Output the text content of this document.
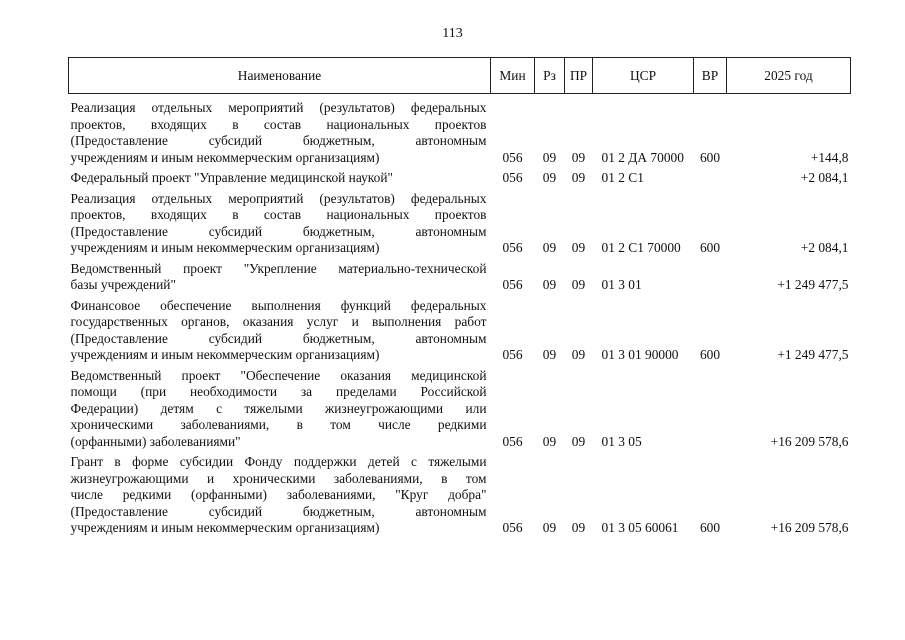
113
Наименование	Мин	Рз	ПР	ЦСР	ВР	2025 год

Реализация отдельных мероприятий (результатов) федеральных
проектов, входящих в состав национальных проектов
(Предоставление субсидий бюджетным, автономным
учреждениям и иным некоммерческим организациям)	056	09	09	01 2 ДА 70000	600	+144,8

Федеральный проект "Управление медицинской наукой"	056	09	09	01 2 С1		+2 084,1

Реализация отдельных мероприятий (результатов) федеральных
проектов, входящих в состав национальных проектов
(Предоставление субсидий бюджетным, автономным
учреждениям и иным некоммерческим организациям)	056	09	09	01 2 С1 70000	600	+2 084,1

Ведомственный проект "Укрепление материально-технической
базы учреждений"	056	09	09	01 3 01		+1 249 477,5

Финансовое обеспечение выполнения функций федеральных
государственных органов, оказания услуг и выполнения работ
(Предоставление субсидий бюджетным, автономным
учреждениям и иным некоммерческим организациям)	056	09	09	01 3 01 90000	600	+1 249 477,5

Ведомственный проект "Обеспечение оказания медицинской
помощи (при необходимости за пределами Российской
Федерации) детям с тяжелыми жизнеугрожающими или
хроническими заболеваниями, в том числе редкими
(орфанными) заболеваниями"	056	09	09	01 3 05		+16 209 578,6

Грант в форме субсидии Фонду поддержки детей с тяжелыми
жизнеугрожающими и хроническими заболеваниями, в том
числе редкими (орфанными) заболеваниями, "Круг добра"
(Предоставление субсидий бюджетным, автономным
учреждениям и иным некоммерческим организациям)	056	09	09	01 3 05 60061	600	+16 209 578,6
